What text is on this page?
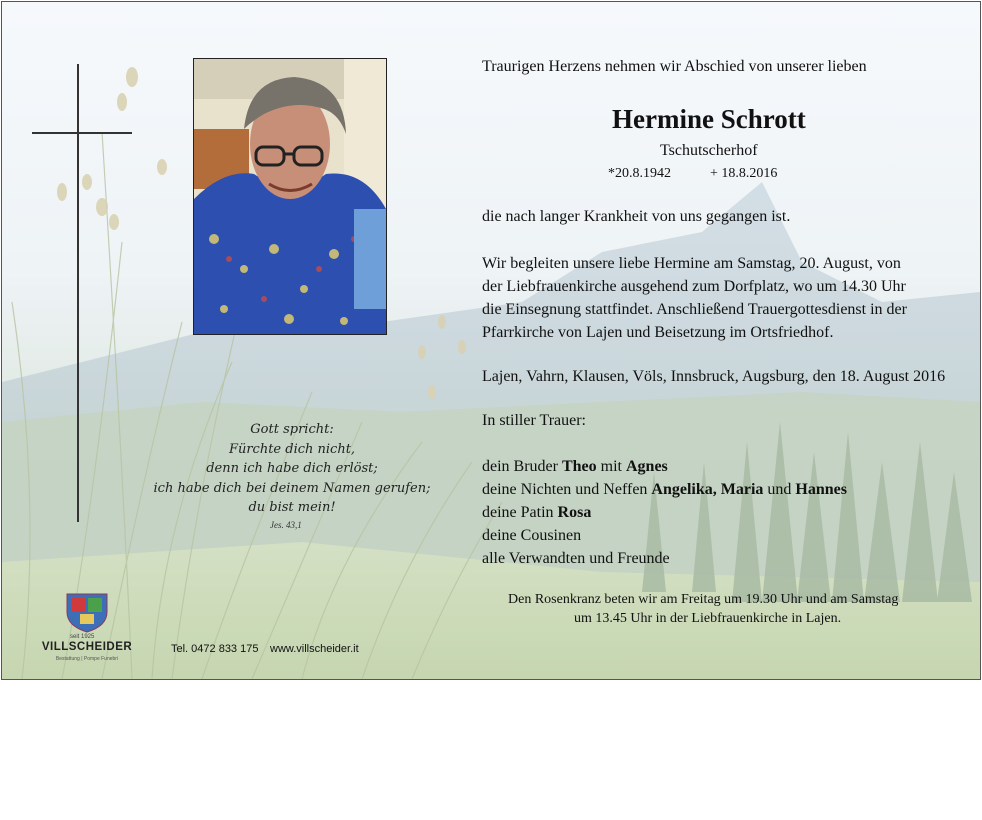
Traurigen Herzens nehmen wir Abschied von unserer lieben
Hermine Schrott
Tschutscherhof
*20.8.1942	+ 18.8.2016
die nach langer Krankheit von uns gegangen ist.
Wir begleiten unsere liebe Hermine am Samstag, 20. August, von
der Liebfrauenkirche ausgehend zum Dorfplatz, wo um 14.30 Uhr
die Einsegnung stattfindet. Anschließend Trauergottesdienst in der
Pfarrkirche von Lajen und Beisetzung im Ortsfriedhof.
Lajen, Vahrn, Klausen, Völs, Innsbruck, Augsburg, den 18. August 2016
In stiller Trauer:
dein Bruder Theo mit Agnes
deine Nichten und Neffen Angelika, Maria und Hannes
deine Patin Rosa
deine Cousinen
alle Verwandten und Freunde
Den Rosenkranz beten wir am Freitag um 19.30 Uhr und am Samstag
um 13.45 Uhr in der Liebfrauenkirche in Lajen.
Gott spricht:
Fürchte dich nicht,
denn ich habe dich erlöst;
ich habe dich bei deinem Namen gerufen;
du bist mein!
Jes. 43,1
seit 1925
VILLSCHEIDER
Bestattung | Pompe Funebri
Tel. 0472 833 175 www.villscheider.it
